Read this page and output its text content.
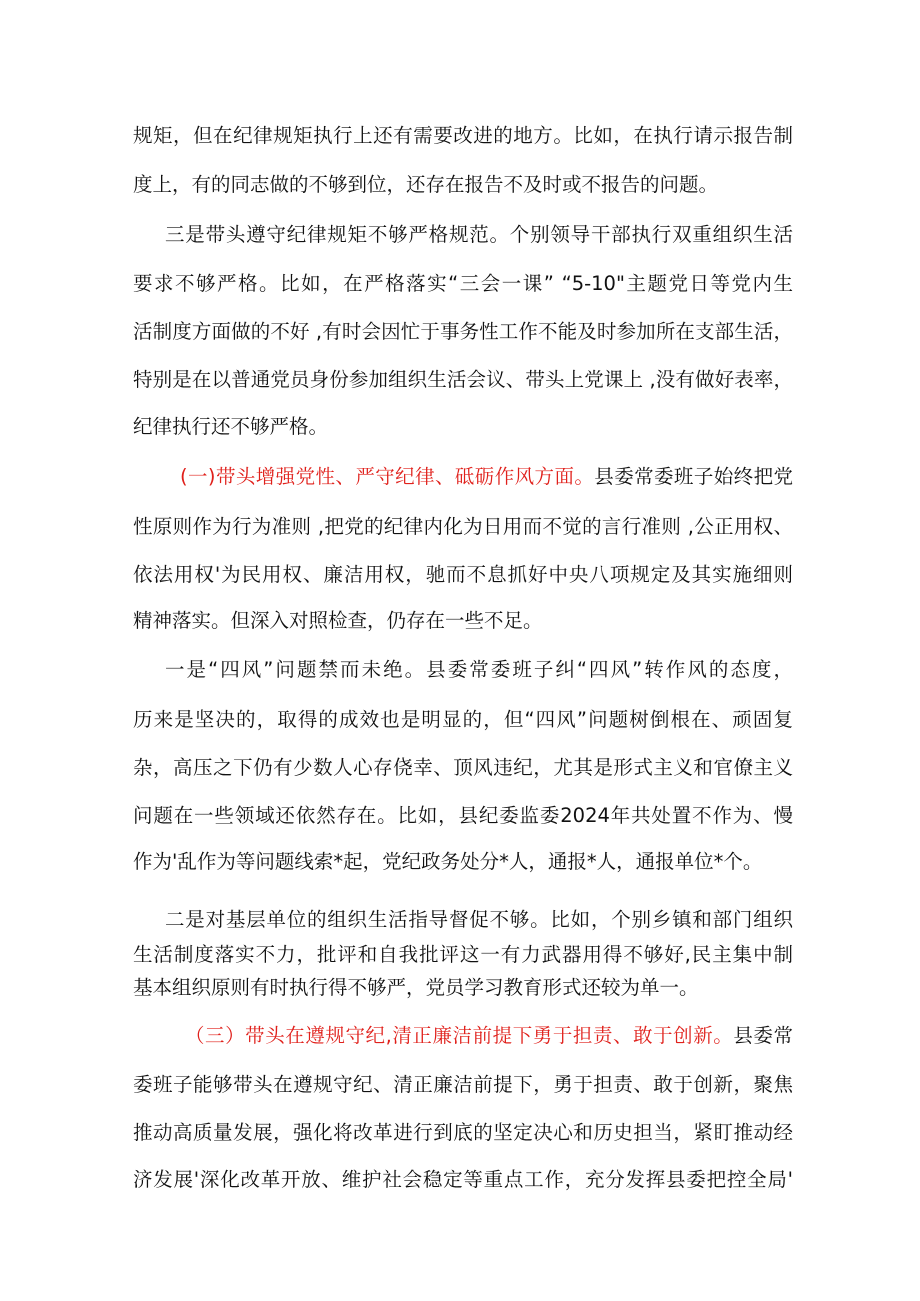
规矩，但在纪律规矩执行上还有需要改进的地方。比如，在执行请示报告制
度上，有的同志做的不够到位，还存在报告不及时或不报告的问题。
三是带头遵守纪律规矩不够严格规范。个别领导干部执行双重组织生活
要求不够严格。比如，在严格落实“三会一课” “5-10"主题党日等党内生
活制度方面做的不好 ,有时会因忙于事务性工作不能及时参加所在支部生活，
特别是在以普通党员身份参加组织生活会议、带头上党课上 ,没有做好表率，
纪律执行还不够严格。
(一)带头增强党性、严守纪律、砥砺作风方面。县委常委班子始终把党
性原则作为行为准则 ,把党的纪律内化为日用而不觉的言行准则 ,公正用权、
依法用权'为民用权、廉洁用权，驰而不息抓好中央八项规定及其实施细则
精神落实。但深入对照检查，仍存在一些不足。
一是“四风”问题禁而未绝。县委常委班子纠“四风”转作风的态度，
历来是坚决的，取得的成效也是明显的，但“四风”问题树倒根在、顽固复
杂，高压之下仍有少数人心存侥幸、顶风违纪，尤其是形式主义和官僚主义
问题在一些领域还依然存在。比如，县纪委监委2024年共处置不作为、慢
作为'乱作为等问题线索*起，党纪政务处分*人，通报*人，通报单位*个。
二是对基层单位的组织生活指导督促不够。比如，个别乡镇和部门组织
生活制度落实不力，批评和自我批评这一有力武器用得不够好,民主集中制
基本组织原则有时执行得不够严，党员学习教育形式还较为单一。
（三）带头在遵规守纪,清正廉洁前提下勇于担责、敢于创新。县委常
委班子能够带头在遵规守纪、清正廉洁前提下，勇于担责、敢于创新，聚焦
推动高质量发展，强化将改革进行到底的坚定决心和历史担当，紧盯推动经
济发展'深化改革开放、维护社会稳定等重点工作，充分发挥县委把控全局'
